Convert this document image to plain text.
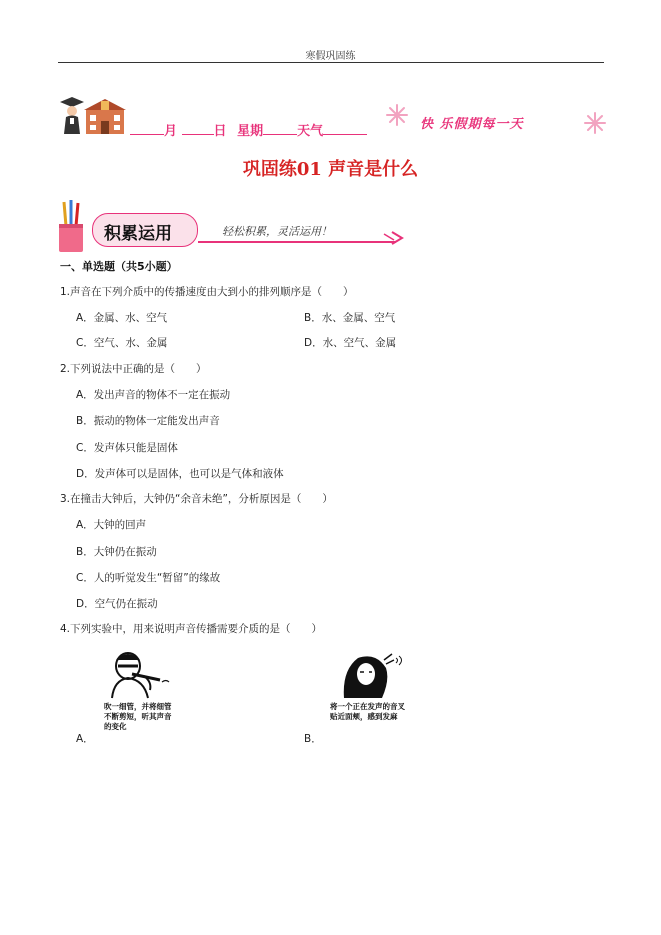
寒假巩固练
月	日 星期	天气	快 乐假期每一天
巩固练01 声音是什么
积累运用	轻松积累，灵活运用！
一、单选题（共5小题）
1.声音在下列介质中的传播速度由大到小的排列顺序是（　　）
A．金属、水、空气	B．水、金属、空气
C．空气、水、金属	D．水、空气、金属
2.下列说法中正确的是（　　）
A．发出声音的物体不一定在振动
B．振动的物体一定能发出声音
C．发声体只能是固体
D．发声体可以是固体，也可以是气体和液体
3.在撞击大钟后，大钟仍“余音未绝”，分析原因是（　　）
A．大钟的回声
B．大钟仍在振动
C．人的听觉发生“暂留”的缘故
D．空气仍在振动
4.下列实验中，用来说明声音传播需要介质的是（　　）
吹一细管，并将细管不断剪短，听其声音的变化
A．
将一个正在发声的音叉贴近面颊，感到发麻
B．
